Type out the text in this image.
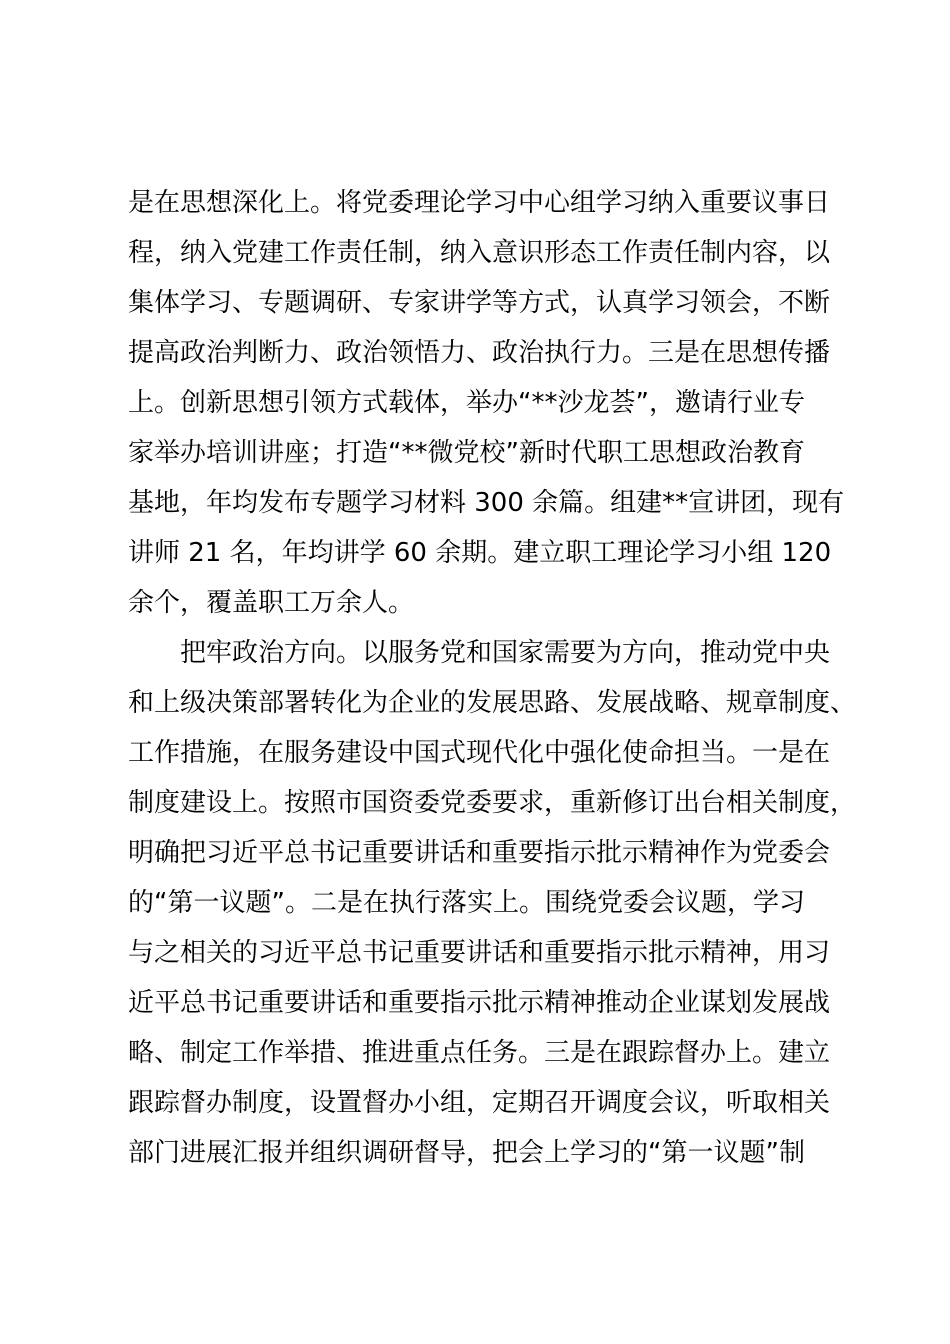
是在思想深化上。将党委理论学习中心组学习纳入重要议事日
程，纳入党建工作责任制，纳入意识形态工作责任制内容，以
集体学习、专题调研、专家讲学等方式，认真学习领会，不断
提高政治判断力、政治领悟力、政治执行力。三是在思想传播
上。创新思想引领方式载体，举办“**沙龙荟”，邀请行业专
家举办培训讲座；打造“**微党校”新时代职工思想政治教育
基地，年均发布专题学习材料 300 余篇。组建**宣讲团，现有
讲师 21 名，年均讲学 60 余期。建立职工理论学习小组 120
余个，覆盖职工万余人。
　　把牢政治方向。以服务党和国家需要为方向，推动党中央
和上级决策部署转化为企业的发展思路、发展战略、规章制度、
工作措施，在服务建设中国式现代化中强化使命担当。一是在
制度建设上。按照市国资委党委要求，重新修订出台相关制度，
明确把习近平总书记重要讲话和重要指示批示精神作为党委会
的“第一议题”。二是在执行落实上。围绕党委会议题，学习
与之相关的习近平总书记重要讲话和重要指示批示精神，用习
近平总书记重要讲话和重要指示批示精神推动企业谋划发展战
略、制定工作举措、推进重点任务。三是在跟踪督办上。建立
跟踪督办制度，设置督办小组，定期召开调度会议，听取相关
部门进展汇报并组织调研督导，把会上学习的“第一议题”制
